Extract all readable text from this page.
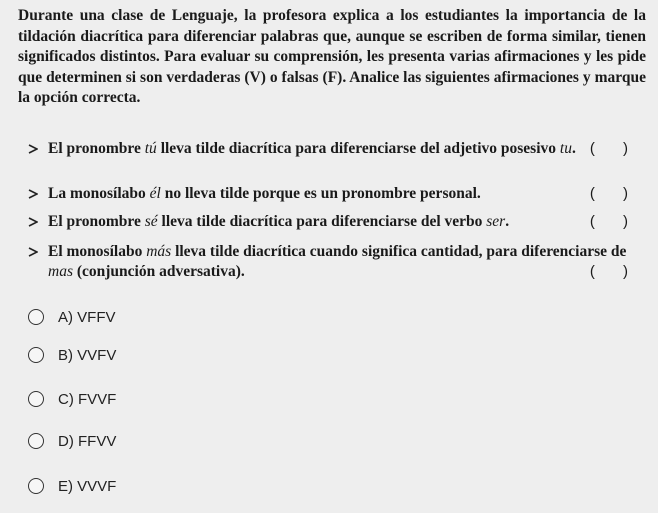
Durante una clase de Lenguaje, la profesora explica a los estudiantes la importancia de la tildación diacrítica para diferenciar palabras que, aunque se escriben de forma similar, tienen significados distintos. Para evaluar su comprensión, les presenta varias afirmaciones y les pide que determinen si son verdaderas (V) o falsas (F). Analice las siguientes afirmaciones y marque la opción correcta.
El pronombre tú lleva tilde diacrítica para diferenciarse del adjetivo posesivo tu. ( )
La monosílabo él no lleva tilde porque es un pronombre personal.	( )
El pronombre sé lleva tilde diacrítica para diferenciarse del verbo ser.	( )
El monosílabo más lleva tilde diacrítica cuando significa cantidad, para diferenciarse de mas (conjunción adversativa).	( )
A) VFFV
B) VVFV
C) FVVF
D) FFVV
E) VVVF
